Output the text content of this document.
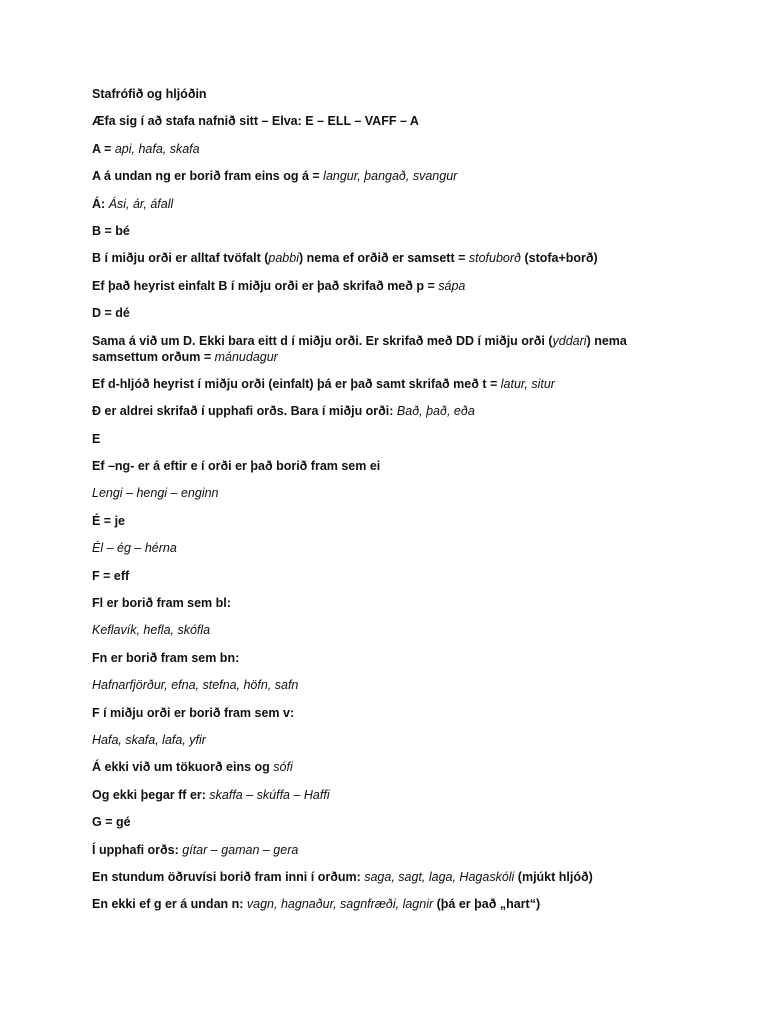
Stafrófið og hljóðin

Æfa sig í að stafa nafnið sitt – Elva: E – ELL – VAFF – A

A = api, hafa, skafa

A á undan ng er borið fram eins og á = langur, þangað, svangur

Á: Ási, ár, áfall

B = bé

B í miðju orði er alltaf tvöfalt (pabbi) nema ef orðið er samsett = stofuborð (stofa+borð)

Ef það heyrist einfalt B í miðju orði er það skrifað með p = sápa

D = dé

Sama á við um D. Ekki bara eitt d í miðju orði. Er skrifað með DD í miðju orði (yddari) nema samsettum orðum = mánudagur

Ef d-hljóð heyrist í miðju orði (einfalt) þá er það samt skrifað með t = latur, situr

Ð er aldrei skrifað í upphafi orðs. Bara í miðju orði: Bað, það, eða

E

Ef –ng- er á eftir e í orði er það borið fram sem ei

Lengi – hengi – enginn

É = je

Él – ég – hérna

F = eff

Fl er borið fram sem bl:

Keflavík, hefla, skófla

Fn er borið fram sem bn:

Hafnarfjörður, efna, stefna, höfn, safn

F í miðju orði er borið fram sem v:

Hafa, skafa, lafa, yfir

Á ekki við um tökuorð eins og sófi

Og ekki þegar ff er: skaffa – skúffa – Haffi

G = gé

Í upphafi orðs: gítar – gaman – gera

En stundum öðruvísi borið fram inni í orðum: saga, sagt, laga, Hagaskóli (mjúkt hljóð)

En ekki ef g er á undan n: vagn, hagnaður, sagnfræði, lagnir (þá er það „hart“)
